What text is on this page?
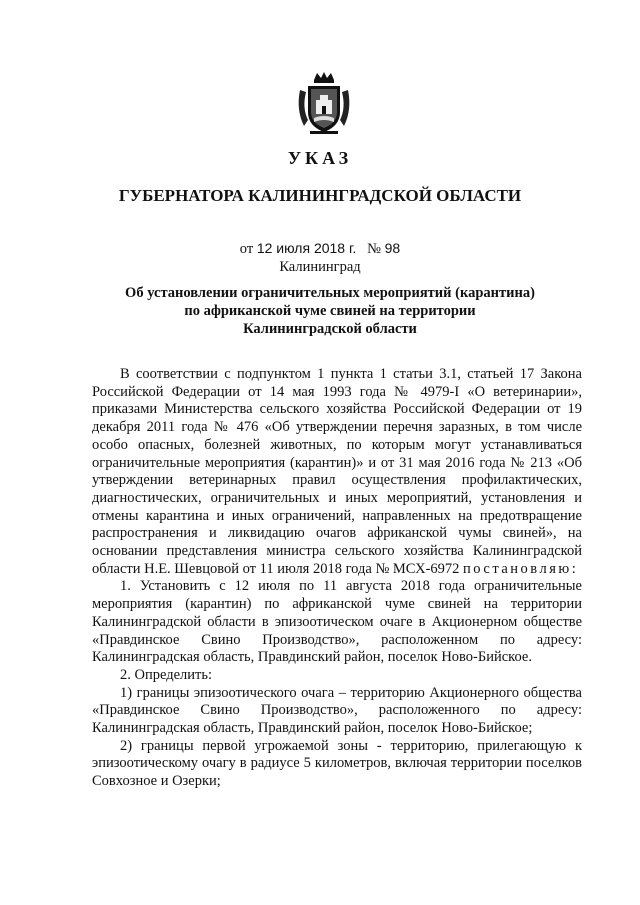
УКАЗ
ГУБЕРНАТОРА КАЛИНИНГРАДСКОЙ ОБЛАСТИ
от 12 июля 2018 г. № 98
Калининград
Об установлении ограничительных мероприятий (карантина)
по африканской чуме свиней на территории
Калининградской области

В соответствии с подпунктом 1 пункта 1 статьи 3.1, статьей 17 Закона Российской Федерации от 14 мая 1993 года № 4979-I «О ветеринарии», приказами Министерства сельского хозяйства Российской Федерации от 19 декабря 2011 года № 476 «Об утверждении перечня заразных, в том числе особо опасных, болезней животных, по которым могут устанавливаться ограничительные мероприятия (карантин)» и от 31 мая 2016 года № 213 «Об утверждении ветеринарных правил осуществления профилактических, диагностических, ограничительных и иных мероприятий, установления и отмены карантина и иных ограничений, направленных на предотвращение распространения и ликвидацию очагов африканской чумы свиней», на основании представления министра сельского хозяйства Калининградской области Н.Е. Шевцовой от 11 июля 2018 года № МСХ-6972 постановляю:

1. Установить с 12 июля по 11 августа 2018 года ограничительные мероприятия (карантин) по африканской чуме свиней на территории Калининградской области в эпизоотическом очаге в Акционерном обществе «Правдинское Свино Производство», расположенном по адресу: Калининградская область, Правдинский район, поселок Ново-Бийское.

2. Определить:

1) границы эпизоотического очага – территорию Акционерного общества «Правдинское Свино Производство», расположенного по адресу: Калининградская область, Правдинский район, поселок Ново-Бийское;

2) границы первой угрожаемой зоны - территорию, прилегающую к эпизоотическому очагу в радиусе 5 километров, включая территории поселков Совхозное и Озерки;
